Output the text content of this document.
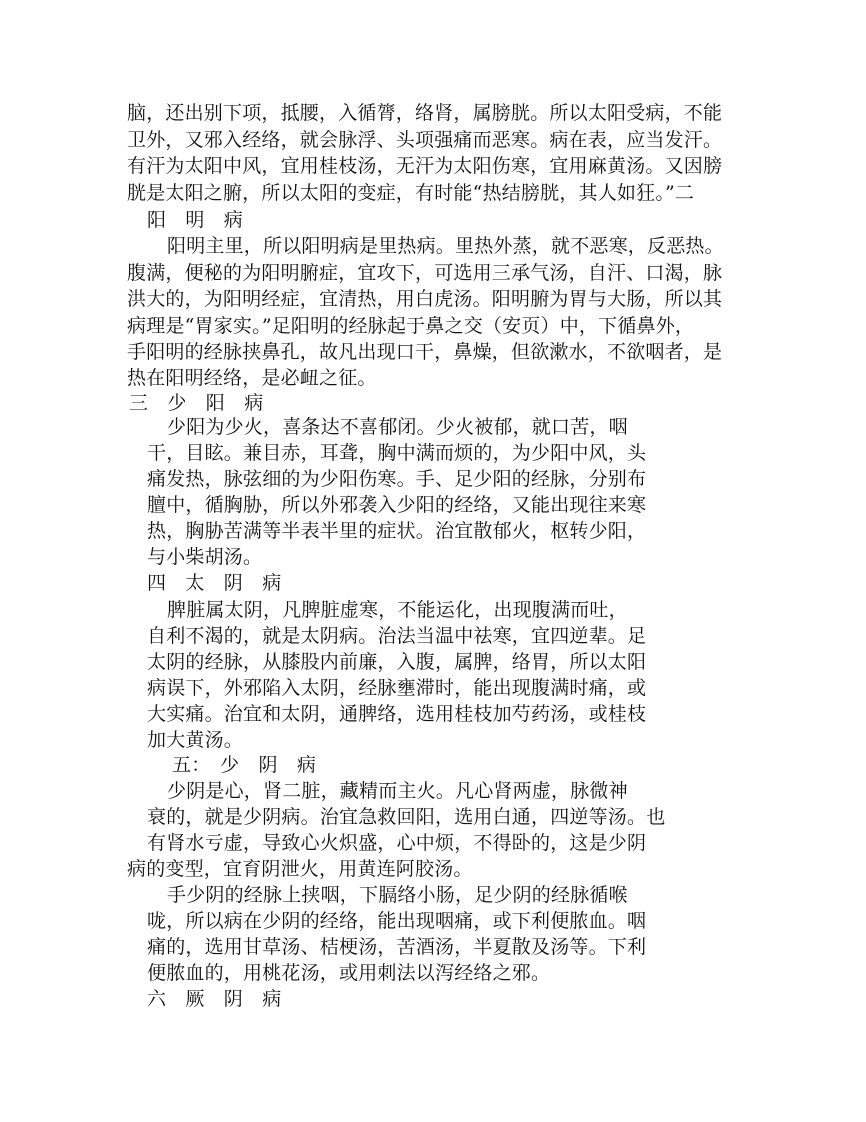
脑，还出别下项，抵腰，入循膂，络肾，属膀胱。所以太阳受病，不能
卫外，又邪入经络，就会脉浮、头项强痛而恶寒。病在表，应当发汗。
有汗为太阳中风，宜用桂枝汤，无汗为太阳伤寒，宜用麻黄汤。又因膀
胱是太阳之腑，所以太阳的变症，有时能“热结膀胱，其人如狂。”二
阳　明　病
阳明主里，所以阳明病是里热病。里热外蒸，就不恶寒，反恶热。
腹满，便秘的为阳明腑症，宜攻下，可选用三承气汤，自汗、口渴，脉
洪大的，为阳明经症，宜清热，用白虎汤。阳明腑为胃与大肠，所以其
病理是“胃家实。”足阳明的经脉起于鼻之交（安页）中，下循鼻外，
手阳明的经脉挟鼻孔，故凡出现口干，鼻燥，但欲漱水，不欲咽者，是
热在阳明经络，是必衄之征。
三　少　阳　病
少阳为少火，喜条达不喜郁闭。少火被郁，就口苦，咽
干，目眩。兼目赤，耳聋，胸中满而烦的，为少阳中风，头
痛发热，脉弦细的为少阳伤寒。手、足少阳的经脉，分别布
膻中，循胸胁，所以外邪袭入少阳的经络，又能出现往来寒
热，胸胁苦满等半表半里的症状。治宜散郁火，枢转少阳，
与小柴胡汤。
四　太　阴　病
脾脏属太阴，凡脾脏虚寒，不能运化，出现腹满而吐，
自利不渴的，就是太阴病。治法当温中祛寒，宜四逆辈。足
太阴的经脉，从膝股内前廉，入腹，属脾，络胃，所以太阳
病误下，外邪陷入太阴，经脉壅滞时，能出现腹满时痛，或
大实痛。治宜和太阴，通脾络，选用桂枝加芍药汤，或桂枝
加大黄汤。
五：　少　阴　病
少阴是心，肾二脏，藏精而主火。凡心肾两虚，脉微神
衰的，就是少阴病。治宜急救回阳，选用白通，四逆等汤。也
有肾水亏虚，导致心火炽盛，心中烦，不得卧的，这是少阴
病的变型，宜育阴泄火，用黄连阿胶汤。
手少阴的经脉上挟咽，下膈络小肠，足少阴的经脉循喉
咙，所以病在少阴的经络，能出现咽痛，或下利便脓血。咽
痛的，选用甘草汤、桔梗汤，苦酒汤，半夏散及汤等。下利
便脓血的，用桃花汤，或用刺法以泻经络之邪。
六　厥　阴　病
